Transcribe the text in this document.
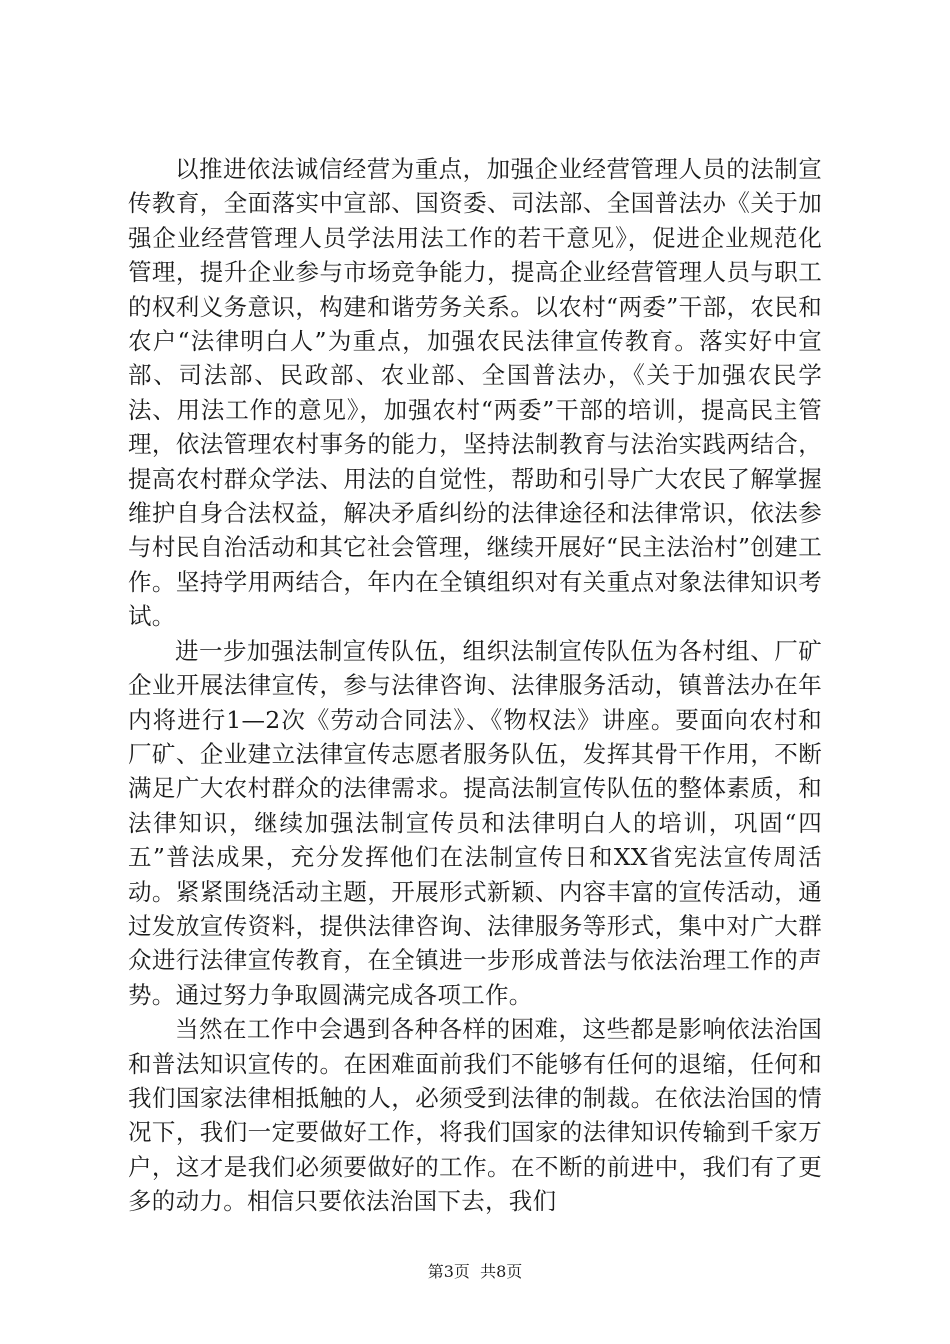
以推进依法诚信经营为重点，加强企业经营管理人员的法制宣传教育，全面落实中宣部、国资委、司法部、全国普法办《关于加强企业经营管理人员学法用法工作的若干意见》，促进企业规范化管理，提升企业参与市场竞争能力，提高企业经营管理人员与职工的权利义务意识，构建和谐劳务关系。以农村“两委”干部，农民和农户“法律明白人”为重点，加强农民法律宣传教育。落实好中宣部、司法部、民政部、农业部、全国普法办，《关于加强农民学法、用法工作的意见》，加强农村“两委”干部的培训，提高民主管理，依法管理农村事务的能力，坚持法制教育与法治实践两结合，提高农村群众学法、用法的自觉性，帮助和引导广大农民了解掌握维护自身合法权益，解决矛盾纠纷的法律途径和法律常识，依法参与村民自治活动和其它社会管理，继续开展好“民主法治村”创建工作。坚持学用两结合，年内在全镇组织对有关重点对象法律知识考试。

进一步加强法制宣传队伍，组织法制宣传队伍为各村组、厂矿企业开展法律宣传，参与法律咨询、法律服务活动，镇普法办在年内将进行1—2次《劳动合同法》、《物权法》讲座。要面向农村和厂矿、企业建立法律宣传志愿者服务队伍，发挥其骨干作用，不断满足广大农村群众的法律需求。提高法制宣传队伍的整体素质，和法律知识，继续加强法制宣传员和法律明白人的培训，巩固“四五”普法成果，充分发挥他们在法制宣传日和XX省宪法宣传周活动。紧紧围绕活动主题，开展形式新颖、内容丰富的宣传活动，通过发放宣传资料，提供法律咨询、法律服务等形式，集中对广大群众进行法律宣传教育，在全镇进一步形成普法与依法治理工作的声势。通过努力争取圆满完成各项工作。

当然在工作中会遇到各种各样的困难，这些都是影响依法治国和普法知识宣传的。在困难面前我们不能够有任何的退缩，任何和我们国家法律相抵触的人，必须受到法律的制裁。在依法治国的情况下，我们一定要做好工作，将我们国家的法律知识传输到千家万户，这才是我们必须要做好的工作。在不断的前进中，我们有了更多的动力。相信只要依法治国下去，我们

第3页  共8页
